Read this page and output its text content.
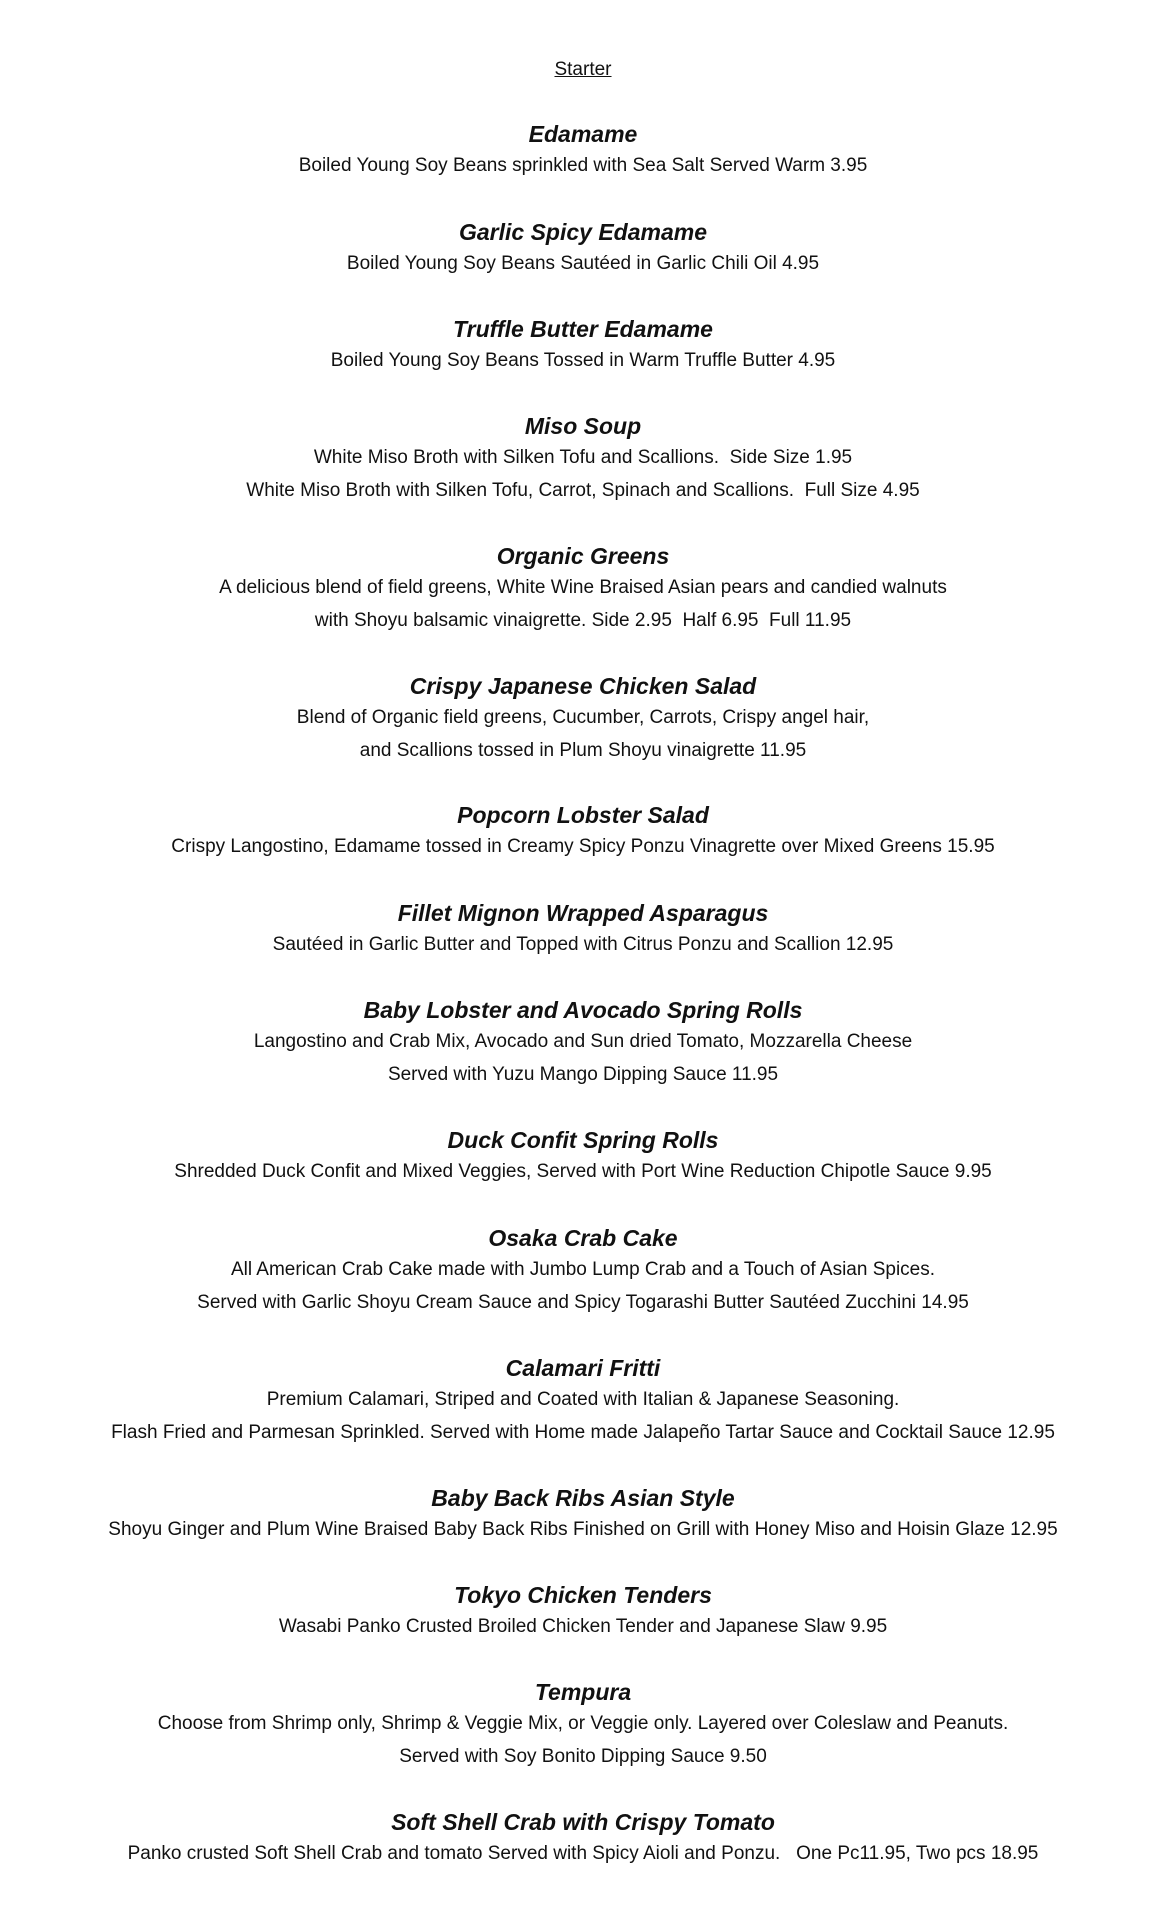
Starter
Edamame
Boiled Young Soy Beans sprinkled with Sea Salt Served Warm 3.95
Garlic Spicy Edamame
Boiled Young Soy Beans Sautéed in Garlic Chili Oil 4.95
Truffle Butter Edamame
Boiled Young Soy Beans Tossed in Warm Truffle Butter 4.95
Miso Soup
White Miso Broth with Silken Tofu and Scallions.  Side Size 1.95
White Miso Broth with Silken Tofu, Carrot, Spinach and Scallions.  Full Size 4.95
Organic Greens
A delicious blend of field greens, White Wine Braised Asian pears and candied walnuts
with Shoyu balsamic vinaigrette. Side 2.95  Half 6.95  Full 11.95
Crispy Japanese Chicken Salad
Blend of Organic field greens, Cucumber, Carrots, Crispy angel hair,
and Scallions tossed in Plum Shoyu vinaigrette 11.95
Popcorn Lobster Salad
Crispy Langostino, Edamame tossed in Creamy Spicy Ponzu Vinagrette over Mixed Greens 15.95
Fillet Mignon Wrapped Asparagus
Sautéed in Garlic Butter and Topped with Citrus Ponzu and Scallion 12.95
Baby Lobster and Avocado Spring Rolls
Langostino and Crab Mix, Avocado and Sun dried Tomato, Mozzarella Cheese
Served with Yuzu Mango Dipping Sauce 11.95
Duck Confit Spring Rolls
Shredded Duck Confit and Mixed Veggies, Served with Port Wine Reduction Chipotle Sauce 9.95
Osaka Crab Cake
All American Crab Cake made with Jumbo Lump Crab and a Touch of Asian Spices.
Served with Garlic Shoyu Cream Sauce and Spicy Togarashi Butter Sautéed Zucchini 14.95
Calamari Fritti
Premium Calamari, Striped and Coated with Italian & Japanese Seasoning.
Flash Fried and Parmesan Sprinkled. Served with Home made Jalapeño Tartar Sauce and Cocktail Sauce 12.95
Baby Back Ribs Asian Style
Shoyu Ginger and Plum Wine Braised Baby Back Ribs Finished on Grill with Honey Miso and Hoisin Glaze 12.95
Tokyo Chicken Tenders
Wasabi Panko Crusted Broiled Chicken Tender and Japanese Slaw 9.95
Tempura
Choose from Shrimp only, Shrimp & Veggie Mix, or Veggie only. Layered over Coleslaw and Peanuts.
Served with Soy Bonito Dipping Sauce 9.50
Soft Shell Crab with Crispy Tomato
Panko crusted Soft Shell Crab and tomato Served with Spicy Aioli and Ponzu.   One Pc11.95, Two pcs 18.95
